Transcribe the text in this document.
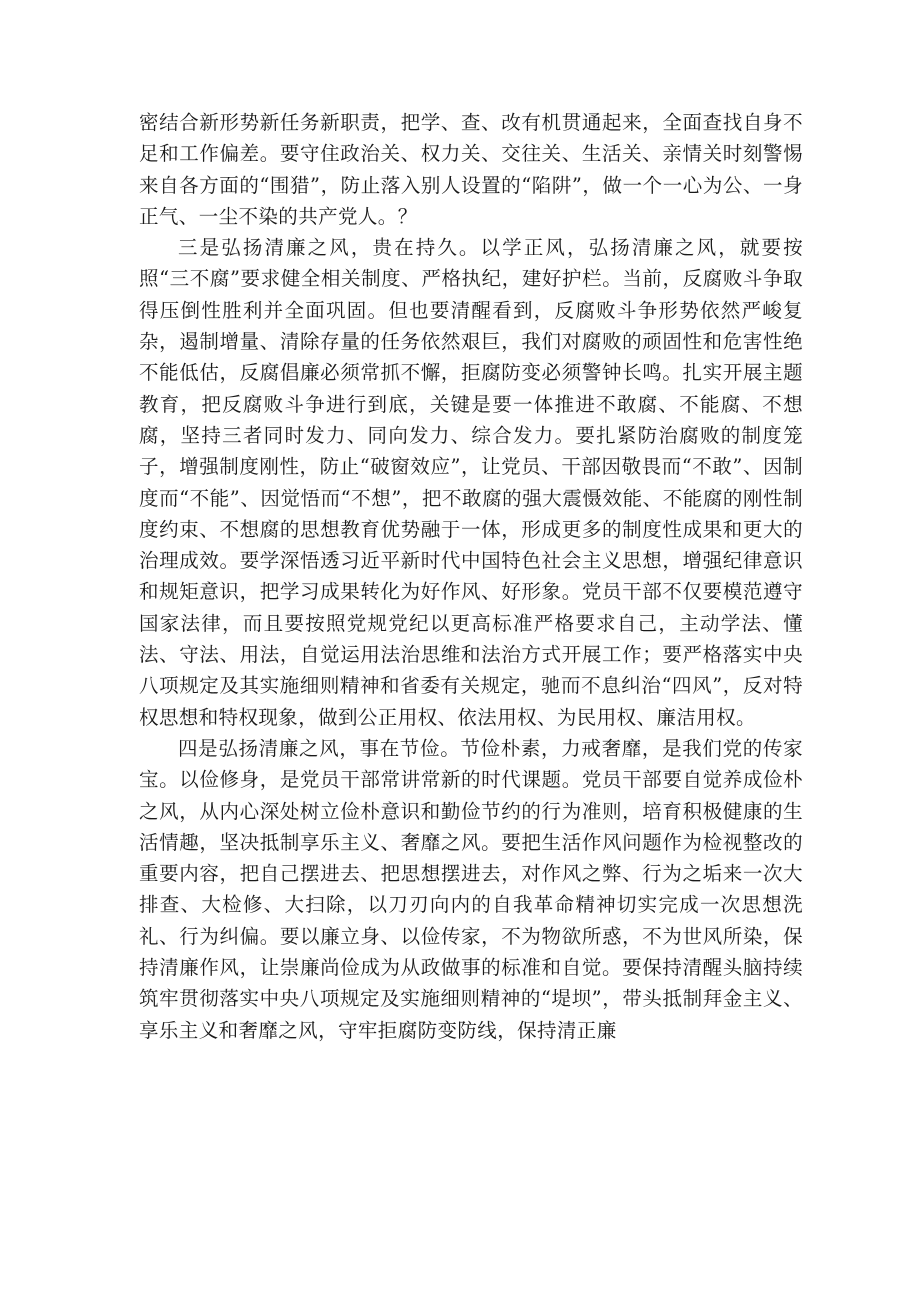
密结合新形势新任务新职责，把学、查、改有机贯通起来，全面查找自身不足和工作偏差。要守住政治关、权力关、交往关、生活关、亲情关时刻警惕来自各方面的“围猎”，防止落入别人设置的“陷阱”，做一个一心为公、一身正气、一尘不染的共产党人。？

三是弘扬清廉之风，贵在持久。以学正风，弘扬清廉之风，就要按照“三不腐”要求健全相关制度、严格执纪，建好护栏。当前，反腐败斗争取得压倒性胜利并全面巩固。但也要清醒看到，反腐败斗争形势依然严峻复杂，遏制增量、清除存量的任务依然艰巨，我们对腐败的顽固性和危害性绝不能低估，反腐倡廉必须常抓不懈，拒腐防变必须警钟长鸣。扎实开展主题教育，把反腐败斗争进行到底，关键是要一体推进不敢腐、不能腐、不想腐，坚持三者同时发力、同向发力、综合发力。要扎紧防治腐败的制度笼子，增强制度刚性，防止“破窗效应”，让党员、干部因敬畏而“不敢”、因制度而“不能”、因觉悟而“不想”，把不敢腐的强大震慑效能、不能腐的刚性制度约束、不想腐的思想教育优势融于一体，形成更多的制度性成果和更大的治理成效。要学深悟透习近平新时代中国特色社会主义思想，增强纪律意识和规矩意识，把学习成果转化为好作风、好形象。党员干部不仅要模范遵守国家法律，而且要按照党规党纪以更高标准严格要求自己，主动学法、懂法、守法、用法，自觉运用法治思维和法治方式开展工作；要严格落实中央八项规定及其实施细则精神和省委有关规定，驰而不息纠治“四风”，反对特权思想和特权现象，做到公正用权、依法用权、为民用权、廉洁用权。

四是弘扬清廉之风，事在节俭。节俭朴素，力戒奢靡，是我们党的传家宝。以俭修身，是党员干部常讲常新的时代课题。党员干部要自觉养成俭朴之风，从内心深处树立俭朴意识和勤俭节约的行为准则，培育积极健康的生活情趣，坚决抵制享乐主义、奢靡之风。要把生活作风问题作为检视整改的重要内容，把自己摆进去、把思想摆进去，对作风之弊、行为之垢来一次大排查、大检修、大扫除，以刀刃向内的自我革命精神切实完成一次思想洗礼、行为纠偏。要以廉立身、以俭传家，不为物欲所惑，不为世风所染，保持清廉作风，让崇廉尚俭成为从政做事的标准和自觉。要保持清醒头脑持续筑牢贯彻落实中央八项规定及实施细则精神的“堤坝”，带头抵制拜金主义、享乐主义和奢靡之风，守牢拒腐防变防线，保持清正廉
